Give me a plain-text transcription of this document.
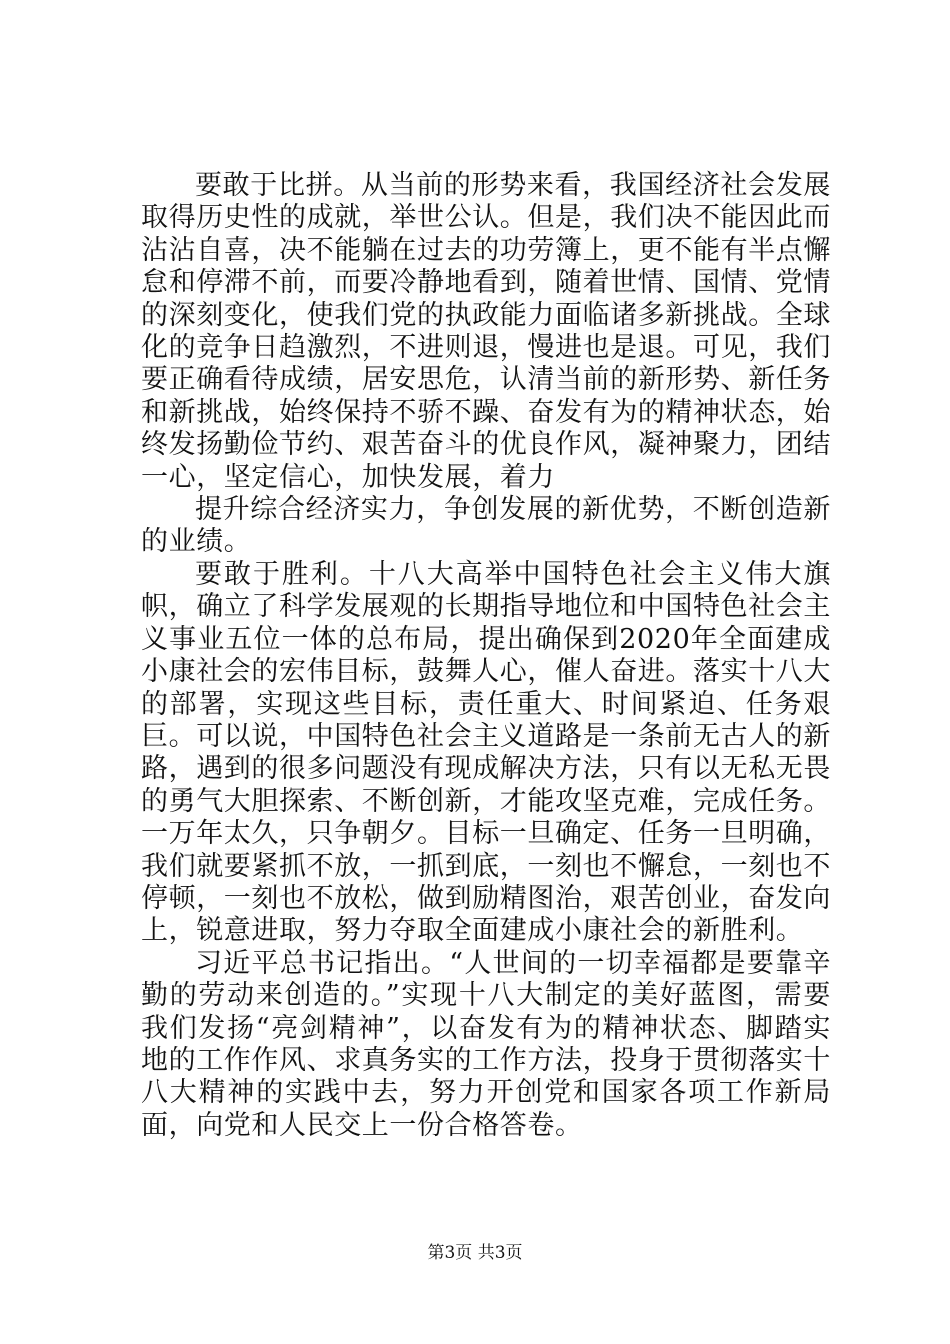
要敢于比拼。从当前的形势来看，我国经济社会发展取得历史性的成就，举世公认。但是，我们决不能因此而沾沾自喜，决不能躺在过去的功劳簿上，更不能有半点懈怠和停滞不前，而要冷静地看到，随着世情、国情、党情的深刻变化，使我们党的执政能力面临诸多新挑战。全球化的竞争日趋激烈，不进则退，慢进也是退。可见，我们要正确看待成绩，居安思危，认清当前的新形势、新任务和新挑战，始终保持不骄不躁、奋发有为的精神状态，始终发扬勤俭节约、艰苦奋斗的优良作风，凝神聚力，团结一心，坚定信心，加快发展，着力

提升综合经济实力，争创发展的新优势，不断创造新的业绩。

要敢于胜利。十八大高举中国特色社会主义伟大旗帜，确立了科学发展观的长期指导地位和中国特色社会主义事业五位一体的总布局，提出确保到2020年全面建成小康社会的宏伟目标，鼓舞人心，催人奋进。落实十八大的部署，实现这些目标，责任重大、时间紧迫、任务艰巨。可以说，中国特色社会主义道路是一条前无古人的新路，遇到的很多问题没有现成解决方法，只有以无私无畏的勇气大胆探索、不断创新，才能攻坚克难，完成任务。一万年太久，只争朝夕。目标一旦确定、任务一旦明确，我们就要紧抓不放，一抓到底，一刻也不懈怠，一刻也不停顿，一刻也不放松，做到励精图治，艰苦创业，奋发向上，锐意进取，努力夺取全面建成小康社会的新胜利。

习近平总书记指出。“人世间的一切幸福都是要靠辛勤的劳动来创造的。”实现十八大制定的美好蓝图，需要我们发扬“亮剑精神”，以奋发有为的精神状态、脚踏实地的工作作风、求真务实的工作方法，投身于贯彻落实十八大精神的实践中去，努力开创党和国家各项工作新局面，向党和人民交上一份合格答卷。

第3页 共3页
